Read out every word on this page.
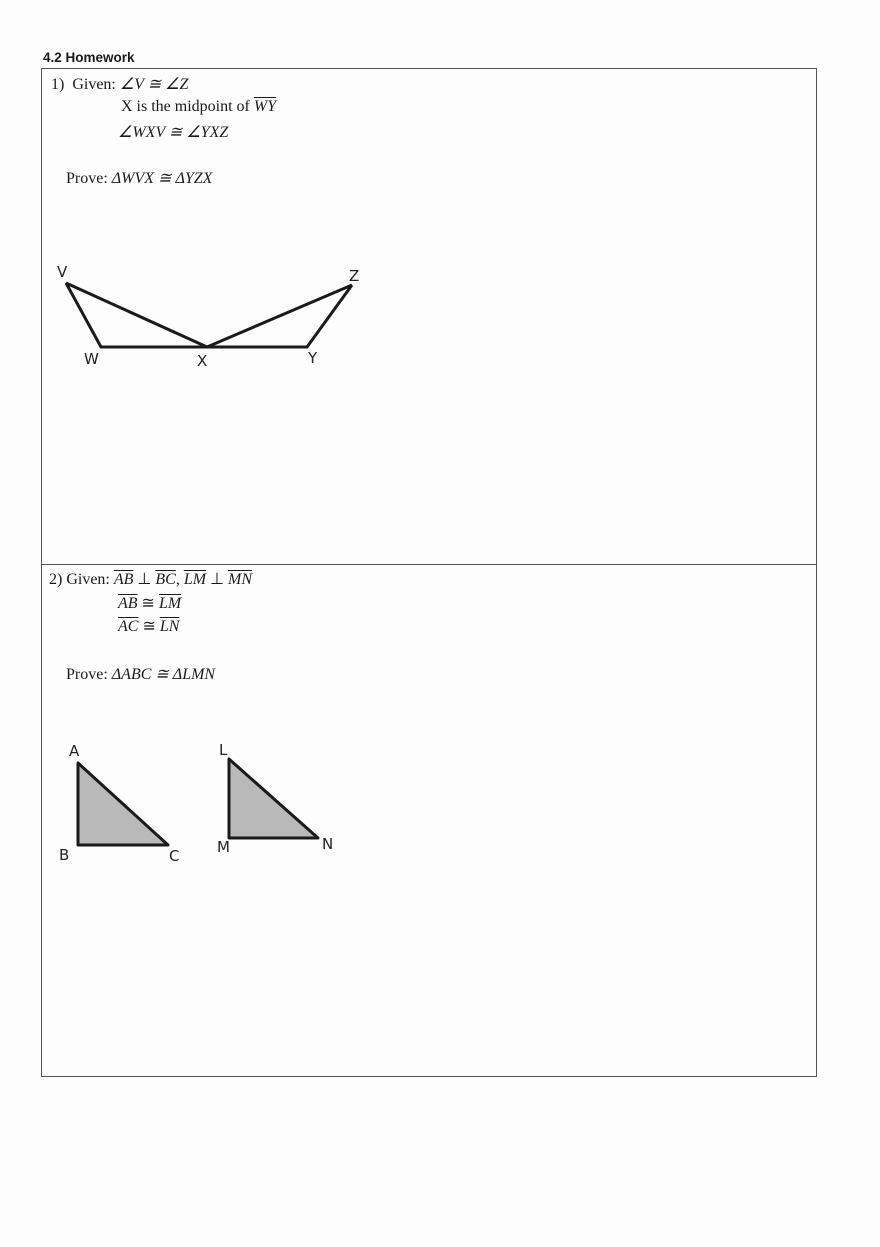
4.2 Homework
1) Given: ∠V ≅ ∠Z
X is the midpoint of $\overline{WY}$
∠WXV ≅ ∠YXZ
Prove: ΔWVX ≅ ΔYZX
V	Z
W	X	Y
2) Given: $\overline{AB}$ ⊥ $\overline{BC}$, $\overline{LM}$ ⊥ $\overline{MN}$
$\overline{AB}$ ≅ $\overline{LM}$
$\overline{AC}$ ≅ $\overline{LN}$
Prove: ΔABC ≅ ΔLMN
A
B	C
L
M	N
